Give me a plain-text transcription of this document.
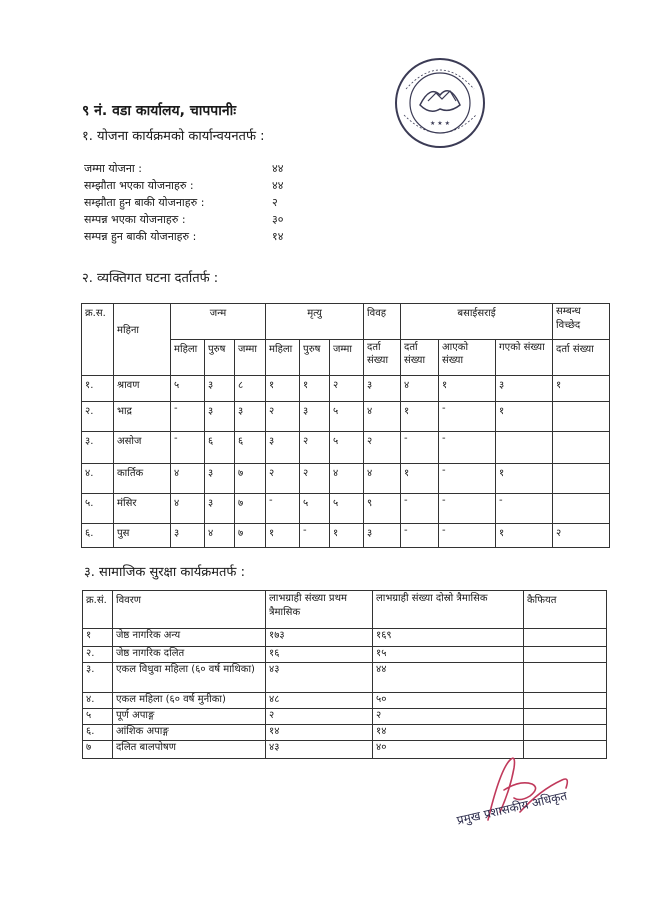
९ नं. वडा कार्यालय, चापपानीः
★ ★ ★
१. योजना कार्यक्रमको कार्यान्वयनतर्फ :
जम्मा योजना :	४४
सम्झौता भएका योजनाहरु :	४४
सम्झौता हुन बाकी योजनाहरु :	२
सम्पन्न भएका योजनाहरु :	३०
सम्पन्न हुन बाकी योजनाहरु :	१४
२. व्यक्तिगत घटना दर्तातर्फ :
क्र.स.	महिना	जन्म			मृत्यु			विवह	बसाईसराई			सम्बन्ध विच्छेद
		महिला	पुरुष	जम्मा	महिला	पुरुष	जम्मा	दर्ता संख्या	दर्ता संख्या	आएको संख्या	गएको संख्या	दर्ता संख्या
१.	श्रावण	५	३	८	१	१	२	३	४	१	३	१
२.	भाद्र	-	३	३	२	३	५	४	१	-	१	
३.	असोज	-	६	६	३	२	५	२	-	-		
४.	कार्तिक	४	३	७	२	२	४	४	१	-	१	
५.	मंसिर	४	३	७	-	५	५	९	-	-	-	
६.	पुस	३	४	७	१	-	१	३	-	-	१	२
३. सामाजिक सुरक्षा कार्यक्रमतर्फ :
क्र.सं.	विवरण	लाभग्राही संख्या प्रथम त्रैमासिक	लाभग्राही संख्या दोस्रो त्रैमासिक	कैफियत
१	जेष्ठ नागरिक अन्य	१७३	१६९	
२.	जेष्ठ नागरिक दलित	१६	१५	
३.	एकल विधुवा महिला (६० वर्ष माथिका)	४३	४४	
४.	एकल महिला (६० वर्ष मुनीका)	४८	५०	
५	पूर्ण अपाङ्ग	२	२	
६.	आंशिक अपाङ्ग	१४	१४	
७	दलित बालपोषण	४३	४०	
प्रमुख प्रशासकीय अधिकृत
